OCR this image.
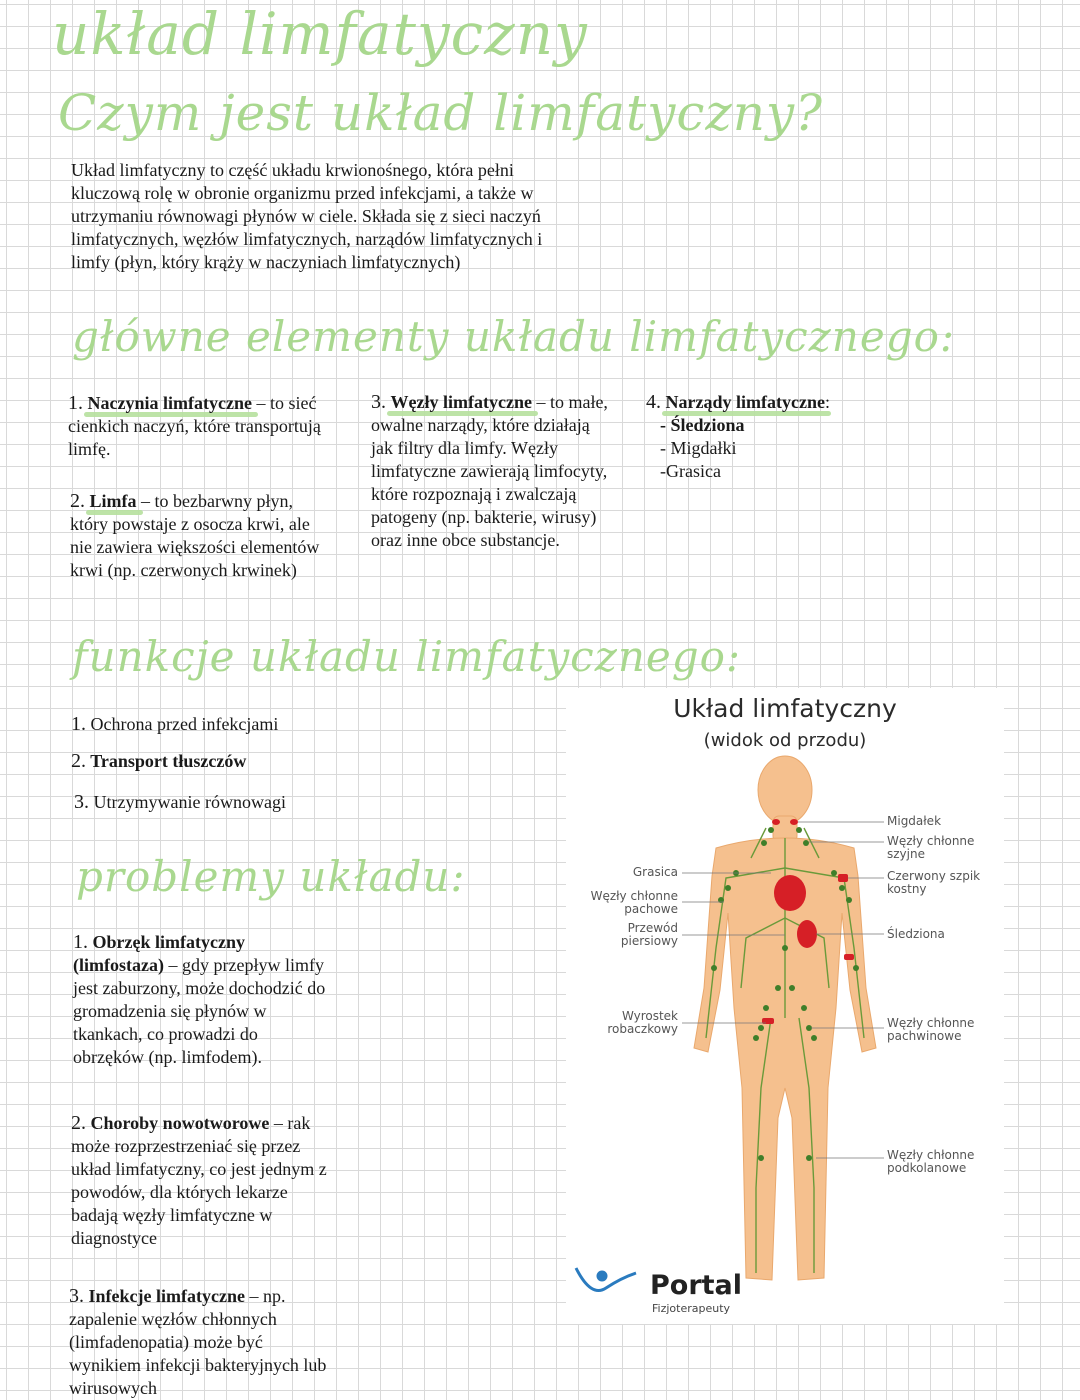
układ limfatyczny
Czym jest układ limfatyczny?
Układ limfatyczny to część układu krwionośnego, która pełni kluczową rolę w obronie organizmu przed infekcjami, a także w utrzymaniu równowagi płynów w ciele. Składa się z sieci naczyń limfatycznych, węzłów limfatycznych, narządów limfatycznych i limfy (płyn, który krąży w naczyniach limfatycznych)
główne elementy układu limfatycznego:
1. Naczynia limfatyczne – to sieć cienkich naczyń, które transportują limfę.
2. Limfa – to bezbarwny płyn, który powstaje z osocza krwi, ale nie zawiera większości elementów krwi (np. czerwonych krwinek)
3. Węzły limfatyczne – to małe, owalne narządy, które działają jak filtry dla limfy. Węzły limfatyczne zawierają limfocyty, które rozpoznają i zwalczają patogeny (np. bakterie, wirusy) oraz inne obce substancje.
4. Narządy limfatyczne:
- Śledziona
- Migdałki
-Grasica
funkcje układu limfatycznego:
1. Ochrona przed infekcjami
2. Transport tłuszczów
3. Utrzymywanie równowagi
problemy układu:
1. Obrzęk limfatyczny (limfostaza) – gdy przepływ limfy jest zaburzony, może dochodzić do gromadzenia się płynów w tkankach, co prowadzi do obrzęków (np. limfodem).
2. Choroby nowotworowe – rak może rozprzestrzeniać się przez układ limfatyczny, co jest jednym z powodów, dla których lekarze badają węzły limfatyczne w diagnostyce
3. Infekcje limfatyczne – np. zapalenie węzłów chłonnych (limfadenopatia) może być wynikiem infekcji bakteryjnych lub wirusowych
Układ limfatyczny
(widok od przodu)
Grasica
Węzły chłonne pachowe
Przewód piersiowy
Wyrostek robaczkowy
Migdałek
Węzły chłonne szyjne
Czerwony szpik kostny
Śledziona
Węzły chłonne pachwinowe
Węzły chłonne podkolanowe
Portal
Fizjoterapeuty
